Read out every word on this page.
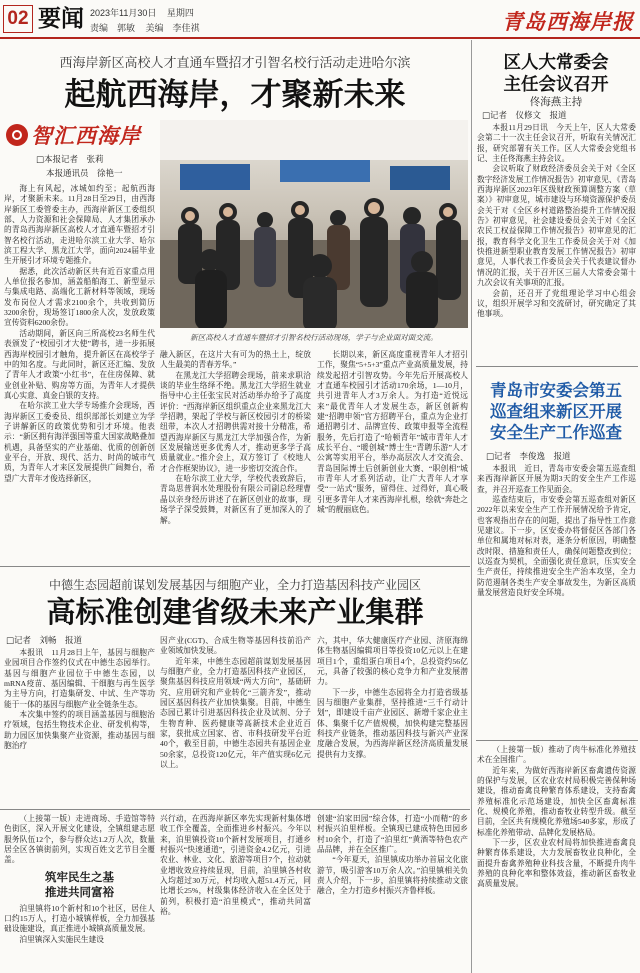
02 要闻 2023年11月30日 星期四
责编　郭敏 美编　李佳祺	青岛西海岸报
西海岸新区高校人才直通车暨招才引智名校行活动走进哈尔滨
起航西海岸，才聚新未来
智汇西海岸
□本报记者　张莉
本报通讯员　徐艳一

海上有风起，冰城如约至；起航西海岸，才聚新未来。11月28日至29日，由西海岸新区工委管委主办，西海岸新区工委组织部、人力资源和社会保障局、人才集团承办的青岛西海岸新区高校人才直通车暨招才引智名校行活动，走进哈尔滨工业大学、哈尔滨工程大学、黑龙江大学，面向2024届毕业生开展引才环境专题推介。

据悉，此次活动新区共有近百家重点用人单位报名参加，涵盖船舶海工、新型显示与集成电路、高端化工新材料等领域，现场发布岗位人才需求2100余个，共收到简历3200余份，现场签订1800余人次，发放政策宣传资料6200余份。

活动期间，新区向三所高校23名师生代表颁发了“校园引才大使”聘书，进一步拓展西海岸校园引才触角，提升新区在高校学子中的知名度。与此同时，新区还汇编、发放了青年人才政策“小红书”，在住房保障、就业创业补贴、购房等方面，为青年人才提供真心实意、真金白银的支持。

在哈尔滨工业大学专场推介会现场，西海岸新区工委委员、组织部部长刘建立为学子讲解新区的政策优势和引才环境。他表示：“新区拥有海洋强国等重大国家战略叠加机遇，具备坚实的产业基础、优质的创新创业平台，开放、现代、活力、时尚的城市气质，为青年人才来区发展提供广阔舞台，希望广大青年才俊选择新区，

新区高校人才直通车暨招才引智名校行活动现场，学子与企业面对面交流。

融入新区，在这片大有可为的热土上，绽放人生最美的青春芳华。”

在黑龙江大学招聘会现场，前来求职洽谈的毕业生络绎不绝。黑龙江大学招生就业指导中心主任张宝民对活动举办给予了高度评价：“西海岸新区组织重点企业来黑龙江大学招聘，架起了学校与新区校园引才的桥梁纽带，本次人才招聘供需对接十分精准，希望西海岸新区与黑龙江大学加强合作，为新区发展输送更多优秀人才，推动更多学子高质量就业。”推介会上，双方签订了《校地人才合作框架协议》，进一步密切交流合作。

在哈尔滨工业大学，学校代表致辞后，青岛思普润水处理股份有限公司副总经理曹晶以亲身经历讲述了在新区创业的故事，现场学子深受鼓舞，对新区有了更加深入的了解。

长期以来，新区高度重视青年人才招引工作，聚焦“5+5+3”重点产业高质量发展，持续发起招才引智攻势。今年先后开展高校人才直通车校园引才活动170余场，1—10月，共引进青年人才3万余人。为打造“近悦远来”最优青年人才发展生态，新区创新构建“招聘申领”官方招聘平台，重点为企业打通招聘引才、品牌宣传、政策申报等全流程服务，先后打造了“哈顿青年”城市青年人才成长平台、“暖创城”博士生“青聘乐游”人才公寓等实用平台，举办高层次人才交流会、青岛国际博士后创新创业大赛、“职创相”城市青年人才系列活动，让广大青年人才享受“一站式”服务，留得住、过得好，真心吸引更多青年人才来西海岸扎根，绘就“奔赴之城”的靓丽底色。

中德生态园超前谋划发展基因与细胞产业，全力打造基因科技产业园区
高标准创建省级未来产业集群
□记者　刘畅　报道

本报讯　11月28日上午，基因与细胞产业园项目合作签约仪式在中德生态园举行。基因与细胞产业园位于中德生态园，以mRNA疫苗、基因编辑、干细胞与再生医学为主导方向，打造集研发、中试、生产等功能于一体的基因与细胞产业全链条生态。

本次集中签约的项目涵盖基因与细胞治疗领域，包括生物技术企业、研发机构等，助力园区加快集聚产业资源，推动基因与细胞治疗

因产业(CGT)、合成生物等基因科技前沿产业领域加快发展。

近年来，中德生态园超前谋划发展基因与细胞产业，全力打造基因科技产业园区，聚焦基因科技应用领域“两大方向”，基础研究、应用研究和产业转化“三箭齐发”，推动园区基因科技产业加快集聚。目前，中德生态园已累计引进基因科技企业及试剂、分子生物育种、医药健康等高新技术企业近百家，获批成立国家、省、市科技研发平台近40个，截至目前，中德生态园共有基因企业50余家，总投资120亿元，年产值实现6亿元以上。

六，其中，华大健康医疗产业园、济原海绵体生物基因编辑项目等投资10亿元以上在建项目1个，重组蛋白项目4个，总投资约56亿元，具备了较强的核心竞争力和产业发展潜力。

下一步，中德生态园将全力打造省级基因与细胞产业集群，坚持推进“三千行动计划”，即建设千亩产业园区、新增千家企业主体、集聚千亿产值规模，加快构建完整基因科技产业链条，推动基因科技与新兴产业深度融合发展，为西海岸新区经济高质量发展提供有力支撑。

（上接第一版）走进商场、手造馆等特色街区，深入开展文化建设，全镇组建志愿服务队伍12个，参与群众达1.2万人次，数量居全区各镇街前列，实现百姓文艺节目全覆盖。

筑牢民生之基
推进共同富裕

泊里镇将10个新村和10个社区，居住人口约15万人，打造小城镇样板，全力加强基础设施建设，真正推进小城镇高质量发展。

泊里镇深入实施民生建设

兴行动，在西海岸新区率先实现新村集体增收工作全覆盖，全面推进乡村振兴。今年以来，泊里镇投资10个新村发展项目，打通乡村振兴“快速通道”，引进资金4.2亿元，引进农业、林业、文化、旅游等项目7个，拉动就业增收效应持续显现，目前，泊里镇各村收入均超过30万元，村均收入超51.4万元，同比增长25%，村级集体经济收入在全区处于前列，积极打造“泊里模式”，推动共同富裕。

创建“泊家田园”综合体，打造“小而精”的乡村振兴泊里样板。全镇现已建成特色田园乡村10余个，打造了“泊里红”黄酒等特色农产品品牌，并在全区推广。

“今年夏天，泊里镇成功举办首届文化旅游节，吸引游客10万余人次。”泊里镇相关负责人介绍，下一步，泊里镇将持续推动文旅融合，全力打造乡村振兴齐鲁样板。

区人大常委会
主任会议召开
佟海燕主持
□记者　仪修文　报道

本报11月29日讯　今天上午，区人大常委会第二十一次主任会议召开，听取有关情况汇报，研究部署有关工作。区人大常委会党组书记、主任佟海燕主持会议。

会议听取了财政经济委员会关于对《全区数字经济发展工作情况报告》初审意见、《青岛西海岸新区2023年区级财政预算调整方案（草案）》初审意见，城市建设与环境资源保护委员会关于对《全区乡村道路整治提升工作情况报告》初审意见，社会建设委员会关于对《全区农民工权益保障工作情况报告》初审意见的汇报，教育科学文化卫生工作委员会关于对《加快推进新型职业教育发展工作情况报告》初审意见，人事代表工作委员会关于代表建议督办情况的汇报，关于召开区三届人大常委会第十九次会议有关事项的汇报。

会前，还召开了党组理论学习中心组会议，组织开展学习和交流研讨，研究确定了其他事项。

青岛市安委会第五
巡查组来新区开展
安全生产工作巡查
□记者　李俊逸　报道

本报讯　近日，青岛市安委会第五巡查组来西海岸新区开展为期3天的安全生产工作巡查，并召开巡查工作见面会。

巡查结束后，市安委会第五巡查组对新区2022年以来安全生产工作开展情况给予肯定，也客观指出存在的问题，提出了指导性工作意见建议。下一步，区安委办将督促区各部门各单位和属地对标对表，逐条分析原因，明确整改时限、措施和责任人，确保问题整改到位；以巡查为契机，全面强化责任意识，压实安全生产责任，持续推进安全生产治本攻坚，全力防范遏制各类生产安全事故发生，为新区高质量发展营造良好安全环境。

（上接第一版）推动了肉牛标准化养殖技术在全国推广。

近年来，为做好西海岸新区畜禽遗传资源的保护与发展，区农业农村局积极完善保种场建设，推动畜禽良种繁育体系建设，支持畜禽养殖标准化示范场建设，加快全区畜禽标准化、规模化养殖，推动畜牧业转型升级。截至目前，全区共有规模化养殖场540多家，形成了标准化养殖带动、品牌化发展格局。

下一步，区农业农村局将加快推进畜禽良种繁育体系建设，大力发展畜牧业良种化，全面提升畜禽养殖种业科技含量，不断提升肉牛养殖的良种化率和整体效益，推动新区畜牧业高质量发展。
